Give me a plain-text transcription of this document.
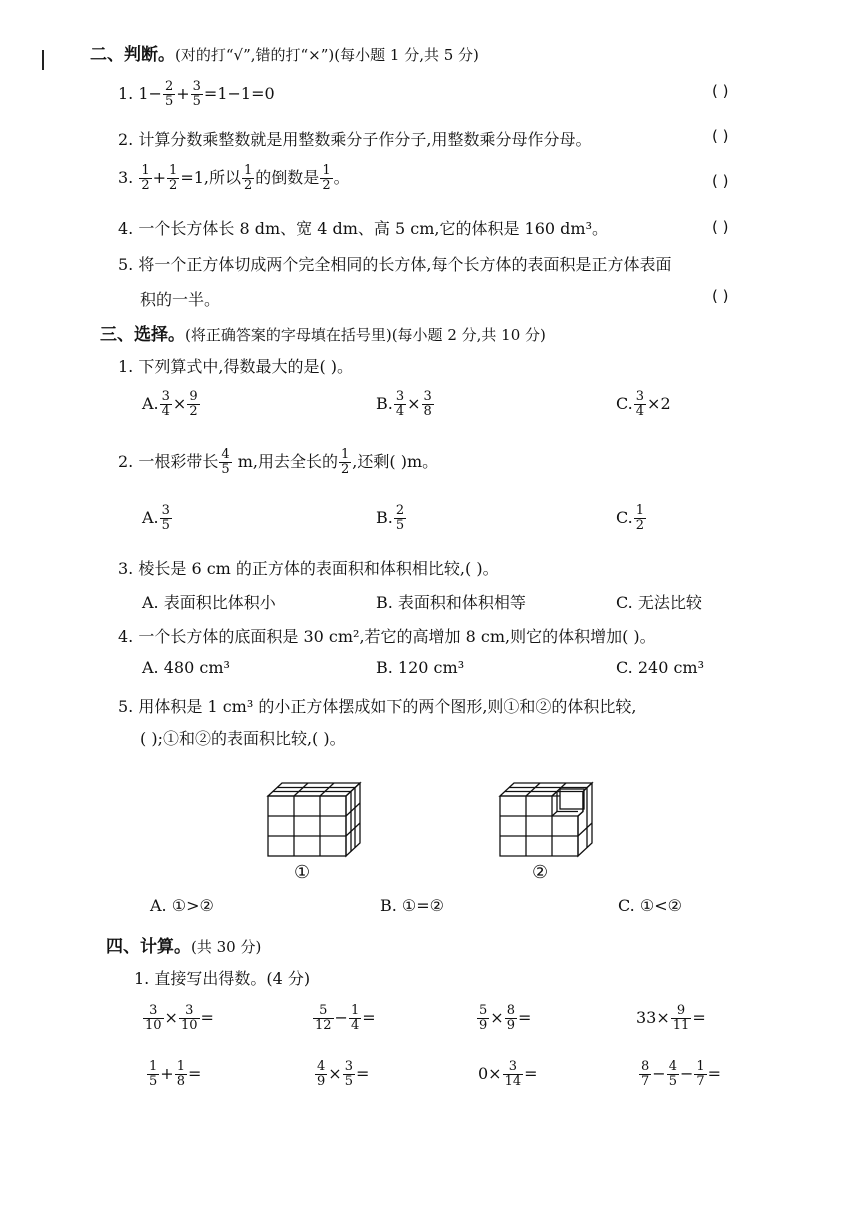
二、判断。(对的打“√”,错的打“×”)(每小题 1 分,共 5 分)
1. $1- \frac{2}{5} + \frac{3}{5} =1-1=0$	( )
2. 计算分数乘整数就是用整数乘分子作分子,用整数乘分母作分母。	( )
3. $\frac{1}{2} + \frac{1}{2} =1$,所以 $\frac{1}{2}$ 的倒数是 $\frac{1}{2}$ 。	( )
4. 一个长方体长 8 dm、宽 4 dm、高 5 cm,它的体积是 160 dm³。	( )
5. 将一个正方体切成两个完全相同的长方体,每个长方体的表面积是正方体表面
积的一半。	( )
三、选择。(将正确答案的字母填在括号里)(每小题 2 分,共 10 分)
1. 下列算式中,得数最大的是( )。
A. $\frac{3}{4} \times \frac{9}{2}$	B. $\frac{3}{4} \times \frac{3}{8}$	C. $\frac{3}{4} \times 2$
2. 一根彩带长 $\frac{4}{5} m$,用去全长的 $\frac{1}{2}$ ,还剩( )m。
A. $\frac{3}{5}$	B. $\frac{2}{5}$	C. $\frac{1}{2}$
3. 棱长是 6 cm 的正方体的表面积和体积相比较,( )。
A. 表面积比体积小	B. 表面积和体积相等	C. 无法比较
4. 一个长方体的底面积是 30 cm²,若它的高增加 8 cm,则它的体积增加( )。
A. 480 cm³	B. 120 cm³	C. 240 cm³
5. 用体积是 1 cm³ 的小正方体摆成如下的两个图形,则①和②的体积比较,
( );①和②的表面积比较,( )。
①	②
A. ①>②	B. ①=②	C. ①<②
四、计算。(共 30 分)
1. 直接写出得数。(4 分)
$\frac{3}{10} \times \frac{3}{10}$ =	$\frac{5}{12} - \frac{1}{4}$ =	$\frac{5}{9} \times \frac{8}{9}$ =	$33\times \frac{9}{11}$ =
$\frac{1}{5} + \frac{1}{8}$ =	$\frac{4}{9} \times \frac{3}{5}$ =	$0\times \frac{3}{14}$ =	$\frac{8}{7} - \frac{4}{5} - \frac{1}{7}$ =
